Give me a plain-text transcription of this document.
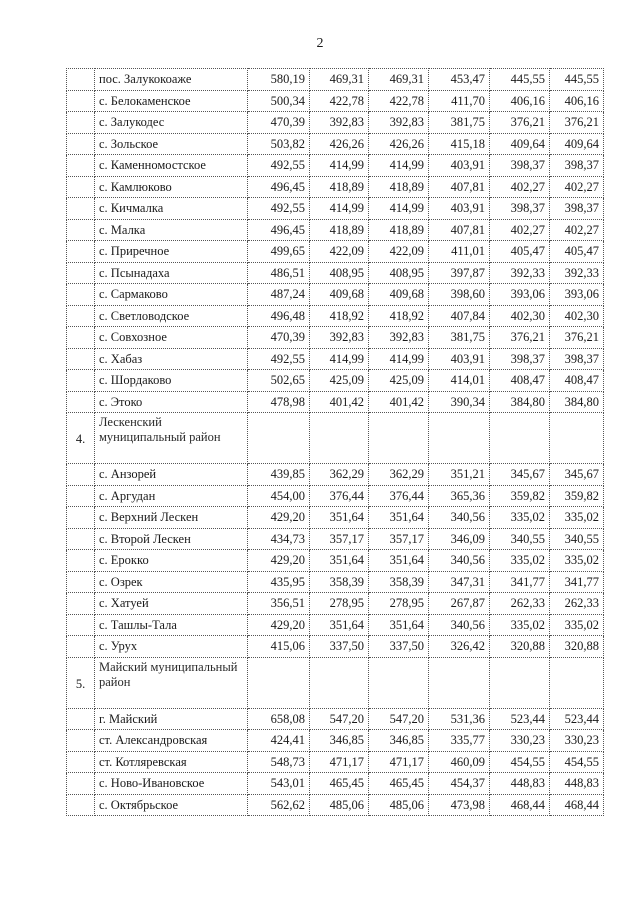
2
	пос. Залукокоаже	580,19	469,31	469,31	453,47	445,55	445,55
	с. Белокаменское	500,34	422,78	422,78	411,70	406,16	406,16
	с. Залукодес	470,39	392,83	392,83	381,75	376,21	376,21
	с. Зольское	503,82	426,26	426,26	415,18	409,64	409,64
	с. Каменномостское	492,55	414,99	414,99	403,91	398,37	398,37
	с. Камлюково	496,45	418,89	418,89	407,81	402,27	402,27
	с. Кичмалка	492,55	414,99	414,99	403,91	398,37	398,37
	с. Малка	496,45	418,89	418,89	407,81	402,27	402,27
	с. Приречное	499,65	422,09	422,09	411,01	405,47	405,47
	с. Псынадаха	486,51	408,95	408,95	397,87	392,33	392,33
	с. Сармаково	487,24	409,68	409,68	398,60	393,06	393,06
	с. Светловодское	496,48	418,92	418,92	407,84	402,30	402,30
	с. Совхозное	470,39	392,83	392,83	381,75	376,21	376,21
	с. Хабаз	492,55	414,99	414,99	403,91	398,37	398,37
	с. Шордаково	502,65	425,09	425,09	414,01	408,47	408,47
	с. Этоко	478,98	401,42	401,42	390,34	384,80	384,80
4.	Лескенский муниципальный район						
	с. Анзорей	439,85	362,29	362,29	351,21	345,67	345,67
	с. Аргудан	454,00	376,44	376,44	365,36	359,82	359,82
	с. Верхний Лескен	429,20	351,64	351,64	340,56	335,02	335,02
	с. Второй Лескен	434,73	357,17	357,17	346,09	340,55	340,55
	с. Ерокко	429,20	351,64	351,64	340,56	335,02	335,02
	с. Озрек	435,95	358,39	358,39	347,31	341,77	341,77
	с. Хатуей	356,51	278,95	278,95	267,87	262,33	262,33
	с. Ташлы-Тала	429,20	351,64	351,64	340,56	335,02	335,02
	с. Урух	415,06	337,50	337,50	326,42	320,88	320,88
5.	Майский муниципальный район						
	г. Майский	658,08	547,20	547,20	531,36	523,44	523,44
	ст. Александровская	424,41	346,85	346,85	335,77	330,23	330,23
	ст. Котляревская	548,73	471,17	471,17	460,09	454,55	454,55
	с. Ново-Ивановское	543,01	465,45	465,45	454,37	448,83	448,83
	с. Октябрьское	562,62	485,06	485,06	473,98	468,44	468,44
